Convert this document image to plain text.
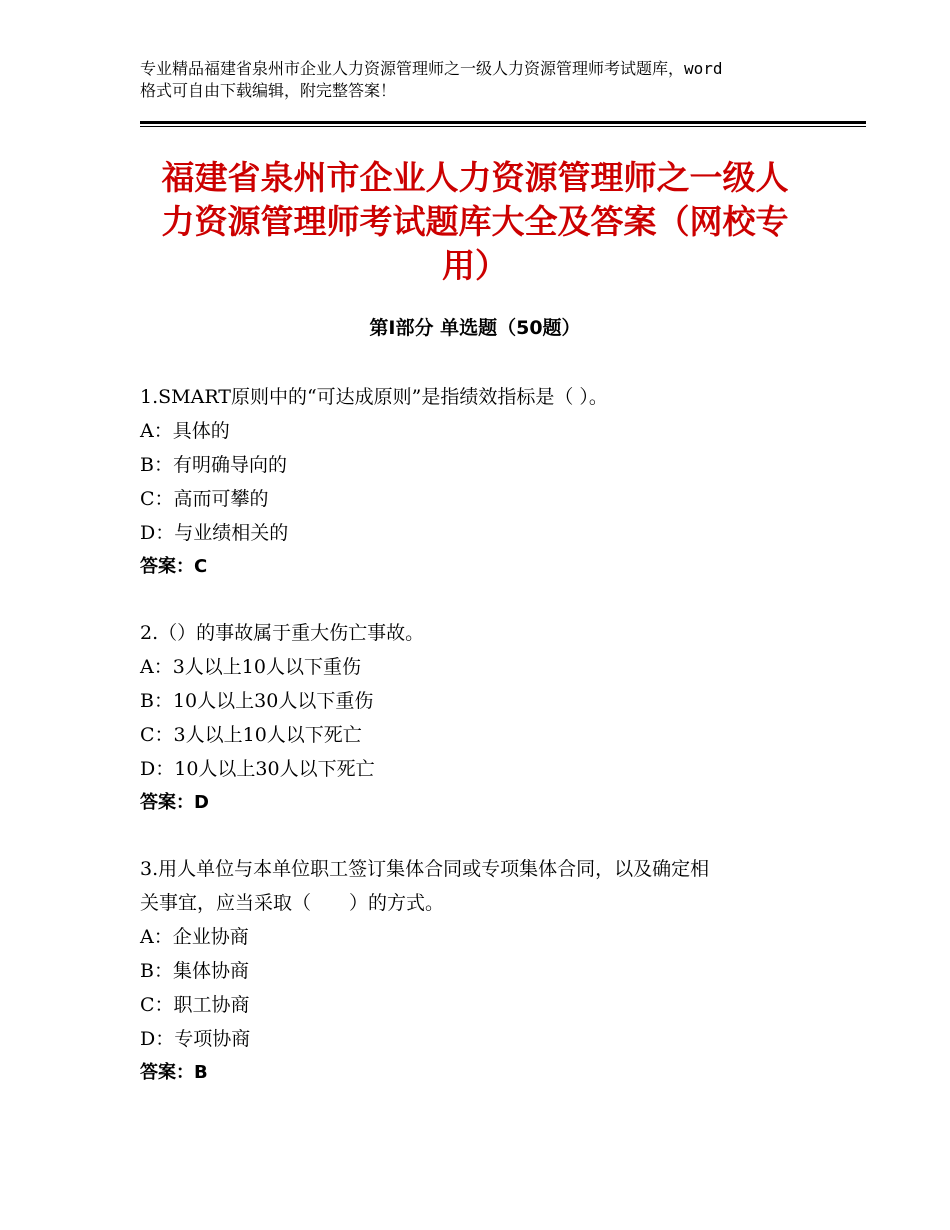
专业精品福建省泉州市企业人力资源管理师之一级人力资源管理师考试题库，word
格式可自由下载编辑，附完整答案！
福建省泉州市企业人力资源管理师之一级人
力资源管理师考试题库大全及答案（网校专
用）
第Ⅰ部分 单选题（50题）
1.SMART原则中的“可达成原则”是指绩效指标是（ ）。
A：具体的
B：有明确导向的
C：高而可攀的
D：与业绩相关的
答案：C
2.（）的事故属于重大伤亡事故。
A：3人以上10人以下重伤
B：10人以上30人以下重伤
C：3人以上10人以下死亡
D：10人以上30人以下死亡
答案：D
3.用人单位与本单位职工签订集体合同或专项集体合同，以及确定相
关事宜，应当采取（　　）的方式。
A：企业协商
B：集体协商
C：职工协商
D：专项协商
答案：B
